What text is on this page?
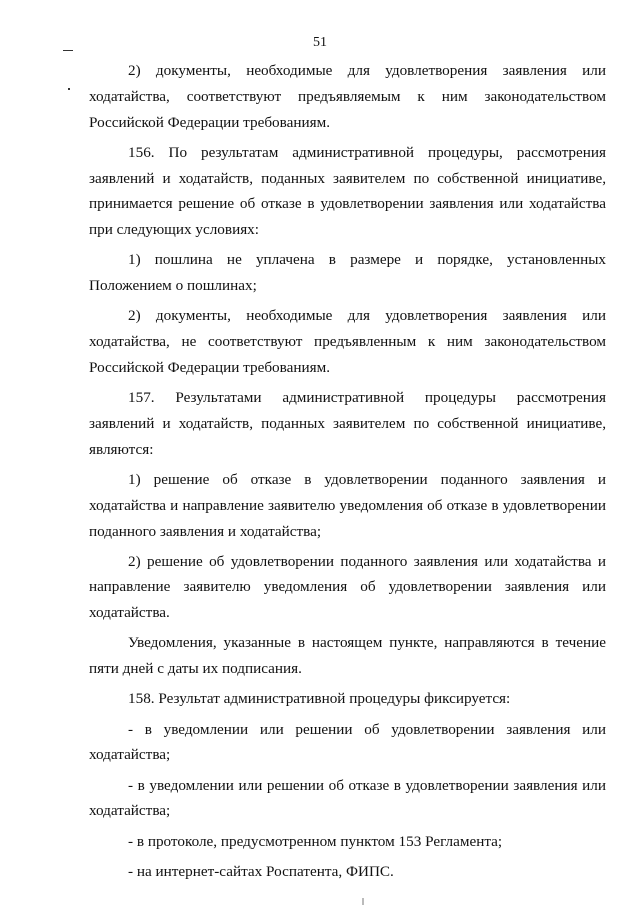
51

2) документы, необходимые для удовлетворения заявления или ходатайства, соответствуют предъявляемым к ним законодательством Российской Федерации требованиям.

156. По результатам административной процедуры, рассмотрения заявлений и ходатайств, поданных заявителем по собственной инициативе, принимается решение об отказе в удовлетворении заявления или ходатайства при следующих условиях:

1) пошлина не уплачена в размере и порядке, установленных Положением о пошлинах;

2) документы, необходимые для удовлетворения заявления или ходатайства, не соответствуют предъявленным к ним законодательством Российской Федерации требованиям.

157. Результатами административной процедуры рассмотрения заявлений и ходатайств, поданных заявителем по собственной инициативе, являются:

1) решение об отказе в удовлетворении поданного заявления и ходатайства и направление заявителю уведомления об отказе в удовлетворении поданного заявления и ходатайства;

2) решение об удовлетворении поданного заявления или ходатайства и направление заявителю уведомления об удовлетворении заявления или ходатайства.

Уведомления, указанные в настоящем пункте, направляются в течение пяти дней с даты их подписания.

158. Результат административной процедуры фиксируется:

- в уведомлении или решении об удовлетворении заявления или ходатайства;

- в уведомлении или решении об отказе в удовлетворении заявления или ходатайства;

- в протоколе, предусмотренном пунктом 153 Регламента;

- на интернет-сайтах Роспатента, ФИПС.
